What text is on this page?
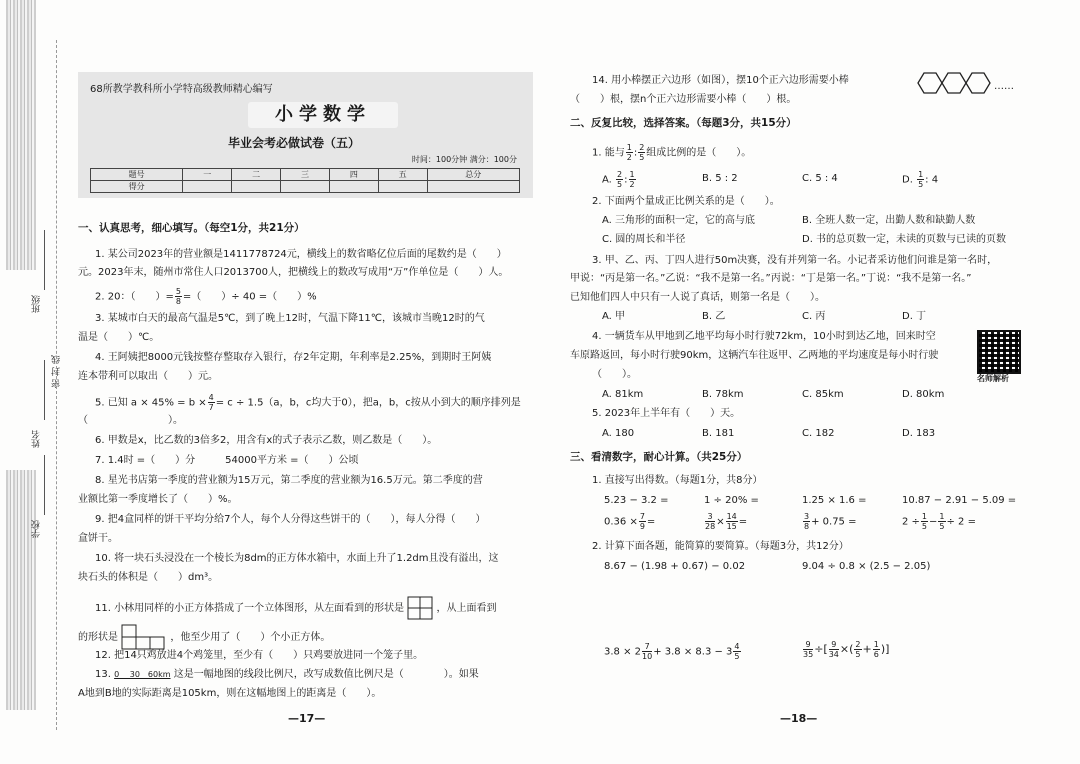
班级
姓名
学校
密 封 线
68所教学教科所小学特高级教师精心编写
小学数学
毕业会考必做试卷（五）
时间：100分钟 满分：100分
题号	一	二	三	四	五	总分
得分						
一、认真思考，细心填写。（每空1分，共21分）
1. 某公司2023年的营业额是1411778724元，横线上的数省略亿位后面的尾数约是（　　）
元。2023年末，随州市常住人口2013700人，把横线上的数改写成用“万”作单位是（　　）人。
2. 20：（　　）= $\frac{5}{8}$ =（　　）÷ 40 =（　　）%
3. 某城市白天的最高气温是5℃，到了晚上12时，气温下降11℃，该城市当晚12时的气
温是（　　）℃。
4. 王阿姨把8000元钱按整存整取存入银行，存2年定期，年利率是2.25%，到期时王阿姨
连本带利可以取出（　　）元。
5. 已知 $a \times 45\% = b \times \frac{4}{7} = c \div 1.5(a$，b，c均大于0），把a，b，c按从小到大的顺序排列是
（　　　　　　　　）。
6. 甲数是x，比乙数的3倍多2，用含有x的式子表示乙数，则乙数是（　　）。
7. 1.4时 =（　　）分　　　54000平方米 =（　　）公顷
8. 星光书店第一季度的营业额为15万元，第二季度的营业额为16.5万元。第二季度的营
业额比第一季度增长了（　　）%。
9. 把4盒同样的饼干平均分给7个人，每个人分得这些饼干的（　　），每人分得（　　）
盒饼干。
10. 将一块石头浸没在一个棱长为8dm的正方体水箱中，水面上升了1.2dm且没有溢出，这
块石头的体积是（　　）dm³。
11. 小林用同样的小正方体搭成了一个立体图形，从左面看到的形状是	，从上面看到
的形状是	，他至少用了（　　）个小正方体。
12. 把14只鸡放进4个鸡笼里，至少有（　　）只鸡要放进同一个笼子里。
13. 0　 30　60km 这是一幅地图的线段比例尺，改写成数值比例尺是（　　　　）。如果
A地到B地的实际距离是105km，则在这幅地图上的距离是（　　）。
—17—
14. 用小棒摆正六边形（如图），摆10个正六边形需要小棒
……
（　　）根，摆n个正六边形需要小棒（　　）根。
二、反复比较，选择答案。（每题3分，共15分）
1. 能与 $\frac{1}{2}$ : $\frac{2}{5}$ 组成比例的是（　　）。
A. $\frac{2}{5}$ : $\frac{1}{2}$	B. 5 : 2	C. 5 : 4	D. $\frac{1}{5}$ : 4
2. 下面两个量成正比例关系的是（　　）。
A. 三角形的面积一定，它的高与底	B. 全班人数一定，出勤人数和缺勤人数
C. 圆的周长和半径	D. 书的总页数一定，未读的页数与已读的页数
3. 甲、乙、丙、丁四人进行50m决赛，没有并列第一名。小记者采访他们问谁是第一名时，
甲说：“丙是第一名。”乙说：“我不是第一名。”丙说：“丁是第一名。”丁说：“我不是第一名。”
已知他们四人中只有一人说了真话，则第一名是（　　）。
A. 甲	B. 乙	C. 丙	D. 丁
4. 一辆货车从甲地到乙地平均每小时行驶72km，10小时到达乙地，回来时空
车原路返回，每小时行驶90km，这辆汽车往返甲、乙两地的平均速度是每小时行驶
（　　）。
A. 81km	B. 78km	C. 85km	D. 80km
5. 2023年上半年有（　　）天。
A. 180	B. 181	C. 182	D. 183
三、看清数字，耐心计算。（共25分）
1. 直接写出得数。（每题1分，共8分）
5.23 − 3.2 =	1 ÷ 20% =	1.25 × 1.6 =	10.87 − 2.91 − 5.09 =
$0.36 \times \frac{7}{9}$ =	$\frac{3}{28} \times \frac{14}{15}$ =	$\frac{3}{8} + 0.75$ =	$2 \div \frac{1}{5} - \frac{1}{5} \div 2$ =
2. 计算下面各题，能简算的要简算。（每题3分，共12分）
8.67 − (1.98 + 0.67) − 0.02	9.04 ÷ 0.8 × (2.5 − 2.05)
$3.8 \times 2 \frac{7}{10} + 3.8 \times 8.3 - 3 \frac{4}{5}$	$\frac{9}{35}$ ÷[ $\frac{9}{34}$ ×( $\frac{2}{5} + \frac{1}{6}$ )]
—18—
名师解析
